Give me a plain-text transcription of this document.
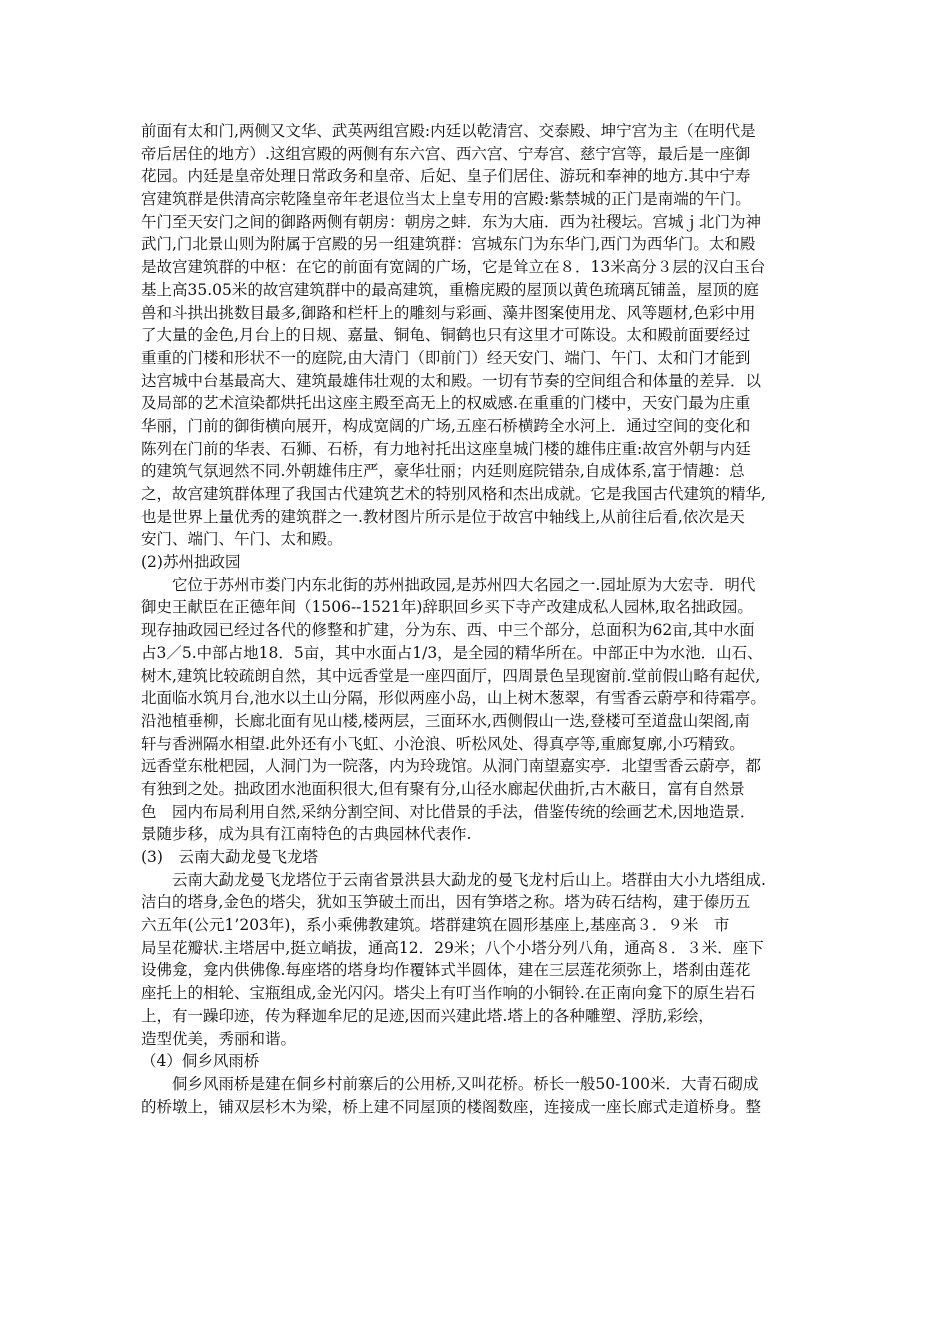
前面有太和门,两侧又文华、武英两组宫殿:内廷以乾清宫、交泰殿、坤宁宫为主（在明代是
帝后居住的地方）.这组宫殿的两侧有东六宫、西六宫、宁寿宫、慈宁宫等，最后是一座御
花园。内廷是皇帝处理日常政务和皇帝、后妃、皇子们居住、游玩和奉神的地方.其中宁寿
宫建筑群是供清高宗乾隆皇帝年老退位当太上皇专用的宫殿:紫禁城的正门是南端的午门。
午门至天安门之间的御路两侧有朝房：朝房之蚌．东为大庙．西为社稷坛。宫城ｊ北门为神
武门,门北景山则为附属于宫殿的另一组建筑群：宫城东门为东华门,西门为西华门。太和殿
是故宫建筑群的中枢：在它的前面有宽阔的广场，它是耸立在８．13米高分３层的汉白玉台
基上高35.05米的故宫建筑群中的最高建筑，重檐庑殿的屋顶以黄色琉璃瓦铺盖，屋顶的庭
兽和斗拱出挑数目最多,御路和栏杆上的雕刻与彩画、藻井图案使用龙、风等题材,色彩中用
了大量的金色,月台上的日规、嘉量、铜龟、铜鹤也只有这里才可陈设。太和殿前面要经过
重重的门楼和形状不一的庭院,由大清门（即前门）经天安门、端门、午门、太和门才能到
达宫城中台基最高大、建筑最雄伟壮观的太和殿。一切有节奏的空间组合和体量的差异．以
及局部的艺术渲染都烘托出这座主殿至高无上的权威感.在重重的门楼中，天安门最为庄重
华丽，门前的御街横向展开，构成宽阔的广场,五座石桥横跨全水河上．通过空间的变化和
陈列在门前的华表、石狮、石桥，有力地衬托出这座皇城门楼的雄伟庄重:故宫外朝与内廷
的建筑气氛迥然不同.外朝雄伟庄严，豪华壮丽；内廷则庭院错杂,自成体系,富于情趣：总
之，故宫建筑群体理了我国古代建筑艺术的特别风格和杰出成就。它是我国古代建筑的精华,
也是世界上量优秀的建筑群之一.教材图片所示是位于故宫中轴线上,从前往后看,依次是天
安门、端门、午门、太和殿。
(2)苏州拙政园
　　它位于苏州市娄门内东北街的苏州拙政园,是苏州四大名园之一.园址原为大宏寺．明代
御史王献臣在正德年间（1506--1521年)辞职回乡买下寺产改建成私人园林,取名拙政园。
现存抽政园已经过各代的修整和扩建，分为东、西、中三个部分，总面积为62亩,其中水面
占3／5.中部占地18．5亩，其中水面占1/3，是全园的精华所在。中部正中为水池．山石、
树木,建筑比较疏朗自然，其中远香堂是一座四面厅，四周景色呈现窗前.堂前假山略有起伏,
北面临水筑月台,池水以土山分隔，形似两座小岛，山上树木葱翠，有雪香云蔚亭和待霜亭。
沿池植垂柳，长廊北面有见山楼,楼两层，三面环水,西侧假山一迭,登楼可至道盘山架阁,南
轩与香洲隔水相望.此外还有小飞虹、小沧浪、听松风处、得真亭等,重廊复廓,小巧精致。
远香堂东枇杷园，人洞门为一院落，内为玲珑馆。从洞门南望嘉实亭．北望雪香云蔚亭，都
有独到之处。拙政团水池面积很大,但有聚有分,山径水廊起伏曲折,古木蔽日，富有自然景
色　园内布局利用自然,采纳分割空间、对比借景的手法，借鉴传统的绘画艺术,因地造景．
景随步移，成为具有江南特色的古典园林代表作.
(3)　云南大勐龙曼飞龙塔
　　云南大勐龙曼飞龙塔位于云南省景洪县大勐龙的曼飞龙村后山上。塔群由大小九塔组成.
洁白的塔身,金色的塔尖，犹如玉笋破土而出，因有笋塔之称。塔为砖石结构，建于傣历五
六五年(公元1’203年)，系小乘佛教建筑。塔群建筑在圆形基座上,基座高３．９米　市
局呈花瓣状.主塔居中,挺立峭拔，通高12．29米；八个小塔分列八角，通高８．３米．座下
设佛龛，龛内供佛像.每座塔的塔身均作覆钵式半圆体，建在三层莲花须弥上，塔刹由莲花
座托上的相轮、宝瓶组成,金光闪闪。塔尖上有叮当作响的小铜铃.在正南向龛下的原生岩石
上，有一躁印迹，传为释迦牟尼的足迹,因而兴建此塔.塔上的各种雕塑、浮肪,彩绘，
造型优美，秀丽和谐。
（4）侗乡风雨桥
　　侗乡风雨桥是建在侗乡村前寨后的公用桥,又叫花桥。桥长一般50-100米．大青石砌成
的桥墩上，铺双层杉木为梁，桥上建不同屋顶的楼阁数座，连接成一座长廊式走道桥身。整
